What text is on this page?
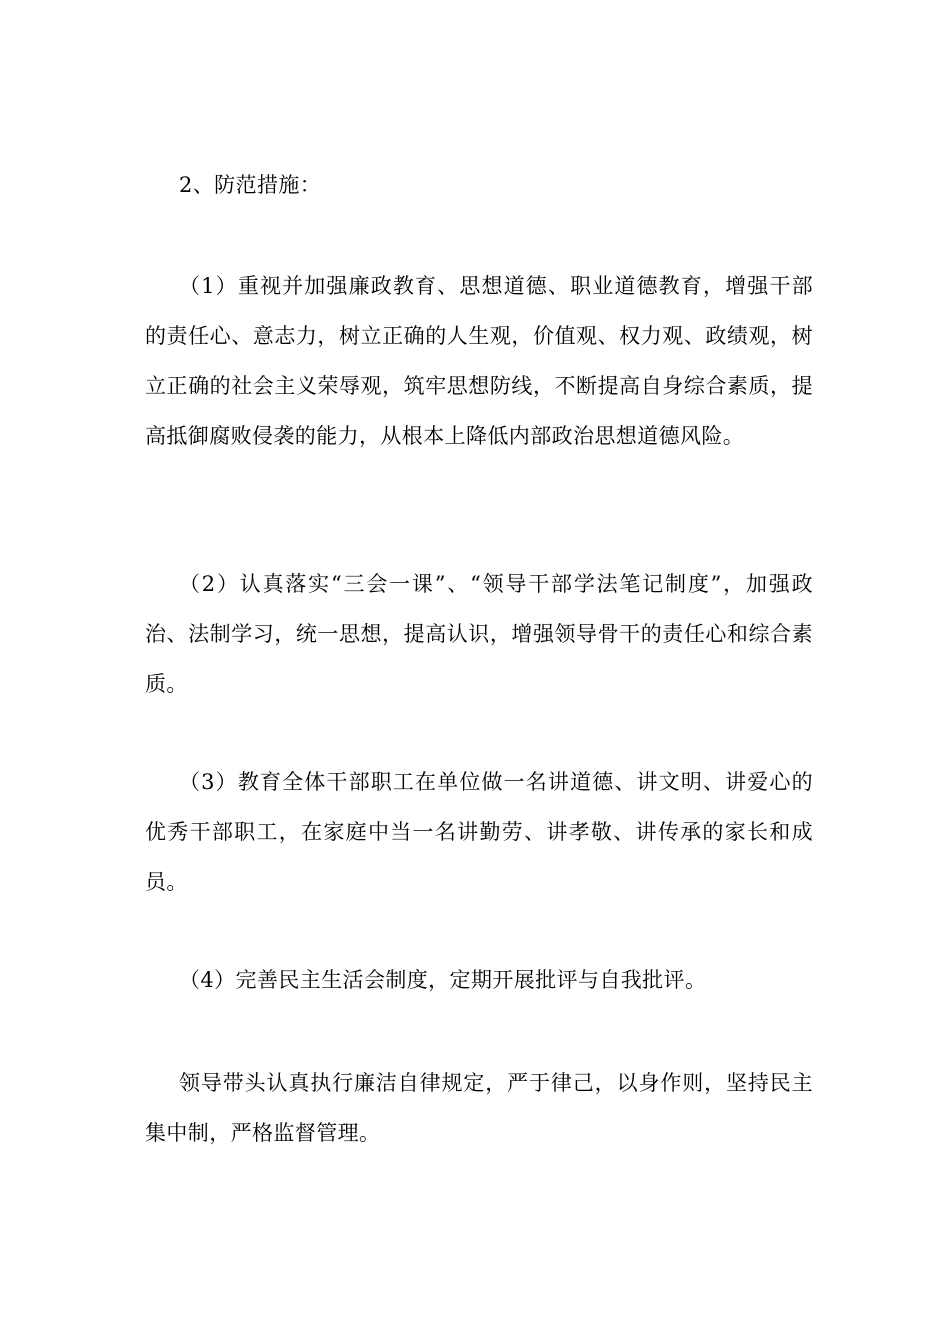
2、防范措施：

（1）重视并加强廉政教育、思想道德、职业道德教育，增强干部的责任心、意志力，树立正确的人生观，价值观、权力观、政绩观，树立正确的社会主义荣辱观，筑牢思想防线，不断提高自身综合素质，提高抵御腐败侵袭的能力，从根本上降低内部政治思想道德风险。

（2）认真落实“三会一课”、“领导干部学法笔记制度”，加强政治、法制学习，统一思想，提高认识，增强领导骨干的责任心和综合素质。

（3）教育全体干部职工在单位做一名讲道德、讲文明、讲爱心的优秀干部职工，在家庭中当一名讲勤劳、讲孝敬、讲传承的家长和成员。

（4）完善民主生活会制度，定期开展批评与自我批评。

领导带头认真执行廉洁自律规定，严于律己，以身作则，坚持民主集中制，严格监督管理。
